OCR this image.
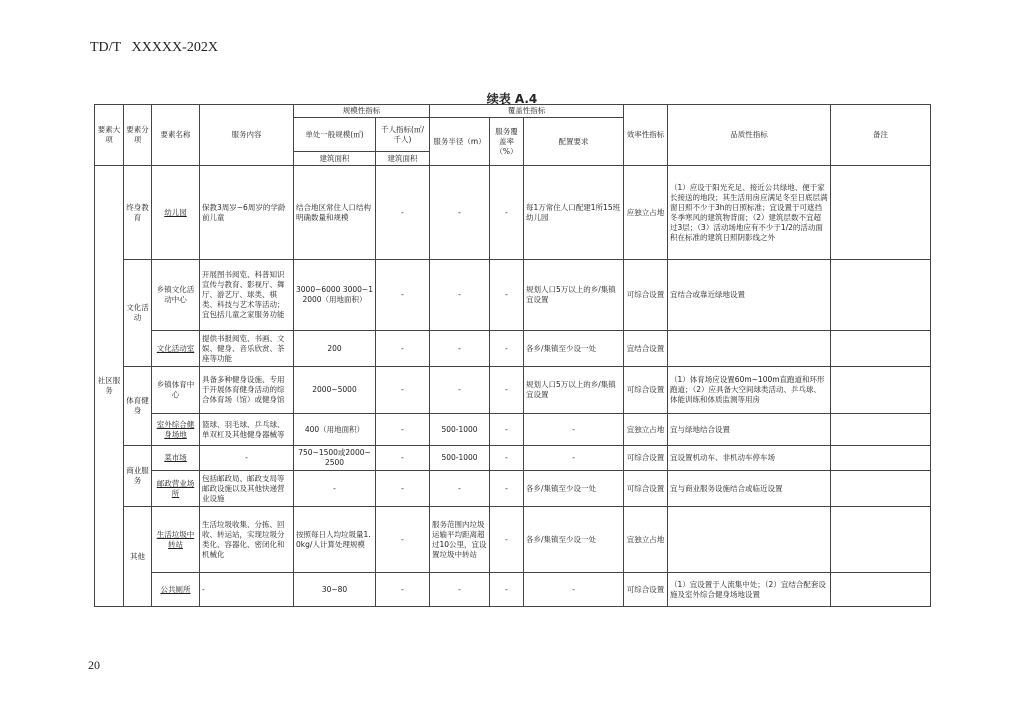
TD/T   XXXXX-202X
续表 A.4
要素大项	要素分项	要素名称	服务内容	规模性指标		覆盖性指标			效率性指标	品质性指标	备注
				单处一般规模(㎡)	千人指标(㎡/千人)	服务半径（m）	服务覆盖率（%）	配置要求			
				建筑面积	建筑面积						
社区服务	终身教育	幼儿园	保教3周岁~6周岁的学龄前儿童	结合地区常住人口结构明确数量和规模	-	-	-	每1万常住人口配建1所15班幼儿园	应独立占地	（1）应设于阳光充足、接近公共绿地、便于家长接送的地段；其生活用房应满足冬至日底层满窗日照不少于3h的日照标准；宜设置于可遮挡冬季寒风的建筑物背面；（2）建筑层数不宜超过3层；（3）活动场地应有不少于1/2的活动面积在标准的建筑日照阴影线之外	
	文化活动	乡镇文化活动中心	开展图书阅览、科普知识宣传与教育、影视厅、舞厅、游艺厅、球类、棋类、科技与艺术等活动；宜包括儿童之家服务功能	3000~6000 3000~12000（用地面积）	-	-	-	规划人口5万以上的乡/集镇宜设置	可综合设置	宜结合或靠近绿地设置	
		文化活动室	提供书报阅览、书画、文娱、健身、音乐欣赏、茶座等功能	200	-	-	-	各乡/集镇至少设一处	宜结合设置		
	体育健身	乡镇体育中心	具备多种健身设施、专用于开展体育健身活动的综合体育场（馆）或健身馆	2000~5000	-	-	-	规划人口5万以上的乡/集镇宜设置	可综合设置	（1）体育场应设置60m~100m直跑道和环形跑道；（2）应具备大空间球类活动、乒乓球、体能训练和体质监测等用房	
		室外综合健身场地	篮球、羽毛球、乒乓球、单双杠及其他健身器械等	400（用地面积）	-	500-1000	-	-	宜独立占地	宜与绿地结合设置	
	商业服务	菜市场	-	750~1500或2000~2500	-	500-1000	-	-	可综合设置	宜设置机动车、非机动车停车场	
		邮政营业场所	包括邮政局、邮政支局等邮政设施以及其他快递营业设施	-	-	-	-	各乡/集镇至少设一处	可综合设置	宜与商业服务设施结合或临近设置	
	其他	生活垃圾中转站	生活垃圾收集、分拣、回收、转运站，实现垃圾分类化、容器化、密闭化和机械化	按照每日人均垃圾量1.0kg/人计算处理规模	-	服务范围内垃圾运输平均距离超过10公里，宜设置垃圾中转站	-	各乡/集镇至少设一处	宜独立占地		
		公共厕所	-	30~80	-	-	-	-	可综合设置	（1）宜设置于人流集中处；（2）宜结合配套设施及室外综合健身场地设置	
20
